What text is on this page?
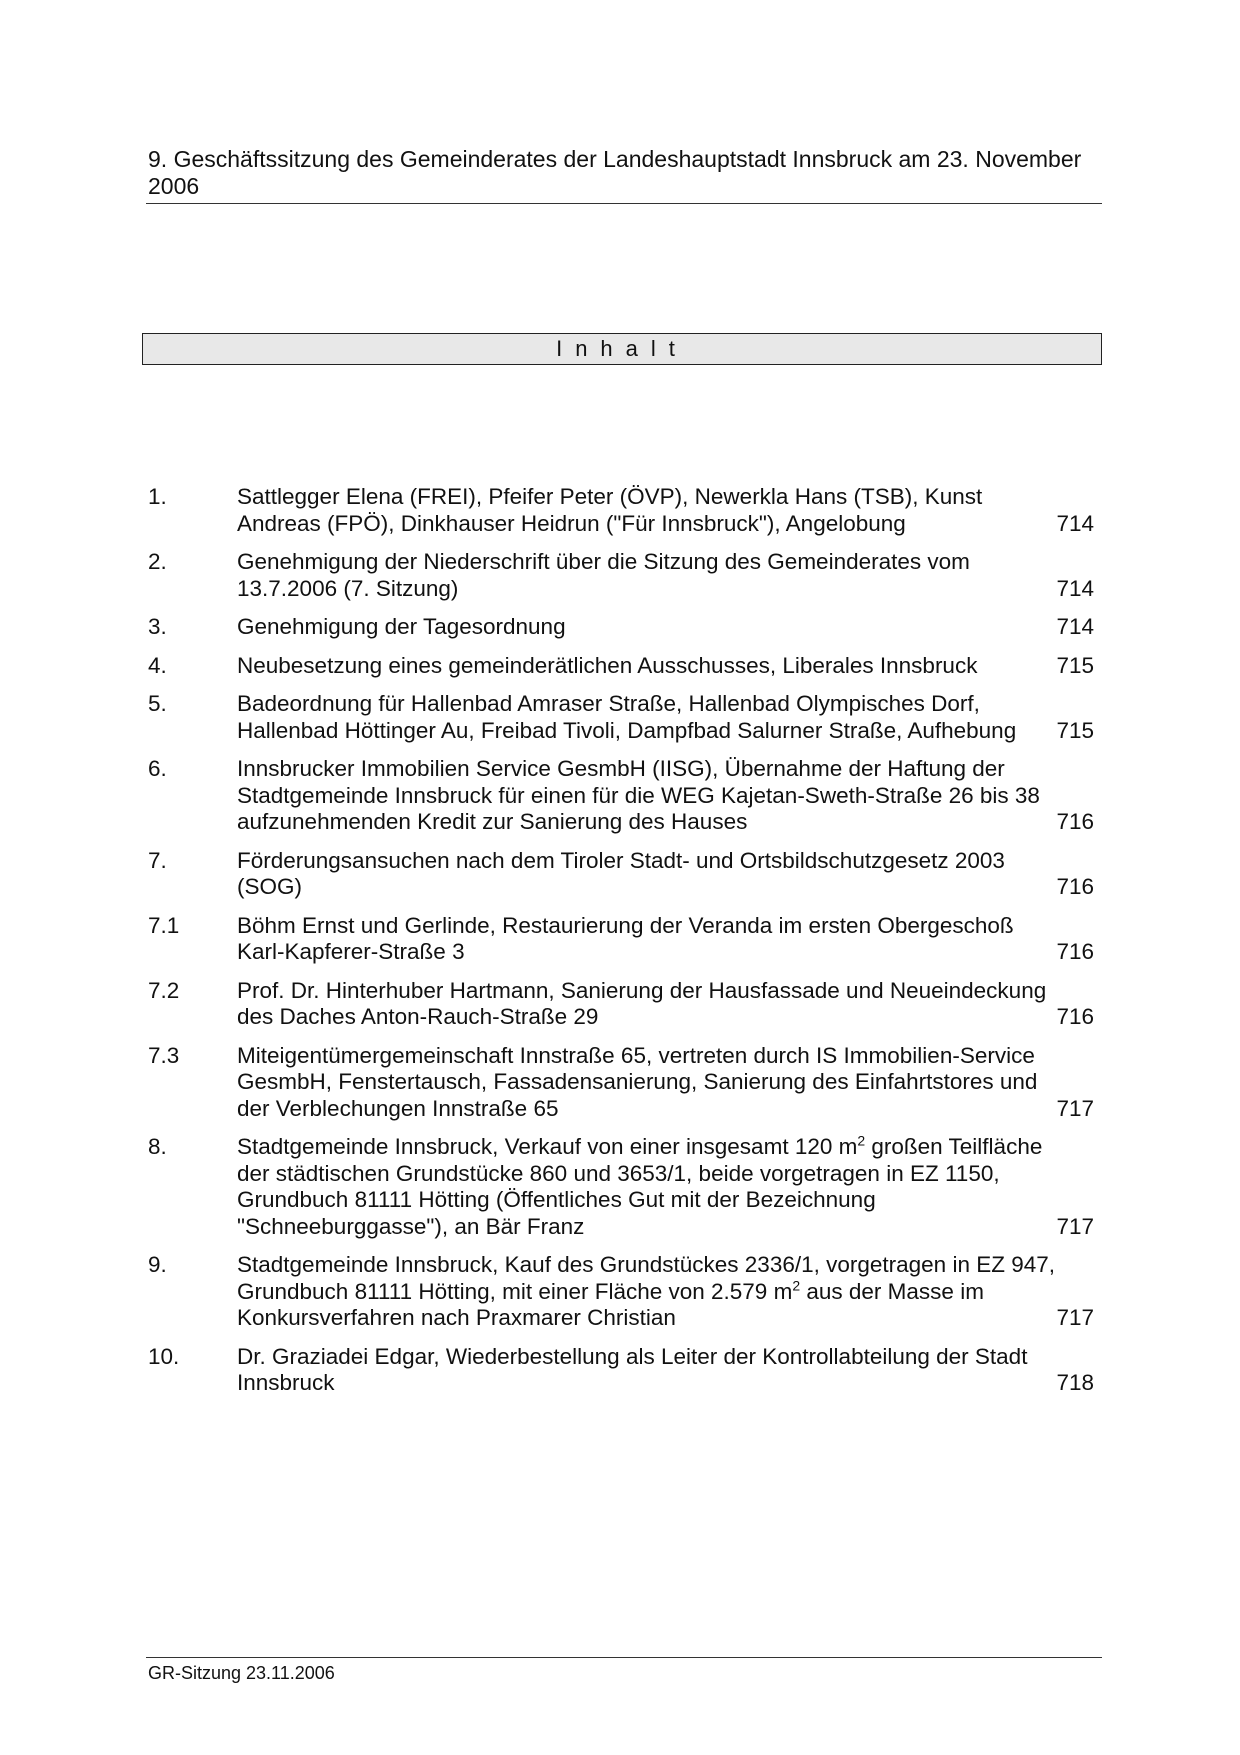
9. Geschäftssitzung des Gemeinderates der Landeshauptstadt Innsbruck am 23. November 2006
Inhalt
1.	Sattlegger Elena (FREI), Pfeifer Peter (ÖVP), Newerkla Hans (TSB), Kunst Andreas (FPÖ), Dinkhauser Heidrun ("Für Innsbruck"), Angelobung	714
2.	Genehmigung der Niederschrift über die Sitzung des Gemeinderates vom 13.7.2006 (7. Sitzung)	714
3.	Genehmigung der Tagesordnung	714
4.	Neubesetzung eines gemeinderätlichen Ausschusses, Liberales Innsbruck	715
5.	Badeordnung für Hallenbad Amraser Straße, Hallenbad Olympisches Dorf, Hallenbad Höttinger Au, Freibad Tivoli, Dampfbad Salurner Straße, Aufhebung	715
6.	Innsbrucker Immobilien Service GesmbH (IISG), Übernahme der Haftung der Stadtgemeinde Innsbruck für einen für die WEG Kajetan-Sweth-Straße 26 bis 38 aufzunehmenden Kredit zur Sanierung des Hauses	716
7.	Förderungsansuchen nach dem Tiroler Stadt- und Ortsbildschutzgesetz 2003 (SOG)	716
7.1	Böhm Ernst und Gerlinde, Restaurierung der Veranda im ersten Obergeschoß Karl-Kapferer-Straße 3	716
7.2	Prof. Dr. Hinterhuber Hartmann, Sanierung der Hausfassade und Neueindeckung des Daches Anton-Rauch-Straße 29	716
7.3	Miteigentümergemeinschaft Innstraße 65, vertreten durch IS Immobilien-Service GesmbH, Fenstertausch, Fassadensanierung, Sanierung des Einfahrtstores und der Verblechungen Innstraße 65	717
8.	Stadtgemeinde Innsbruck, Verkauf von einer insgesamt 120 $m^2$ großen Teilfläche der städtischen Grundstücke 860 und 3653/1, beide vorgetragen in EZ 1150, Grundbuch 81111 Hötting (Öffentliches Gut mit der Bezeichnung "Schneeburggasse"), an Bär Franz	717
9.	Stadtgemeinde Innsbruck, Kauf des Grundstückes 2336/1, vorgetragen in EZ 947, Grundbuch 81111 Hötting, mit einer Fläche von 2.579 $m^2$ aus der Masse im Konkursverfahren nach Praxmarer Christian	717
10.	Dr. Graziadei Edgar, Wiederbestellung als Leiter der Kontrollabteilung der Stadt Innsbruck	718
GR-Sitzung 23.11.2006
